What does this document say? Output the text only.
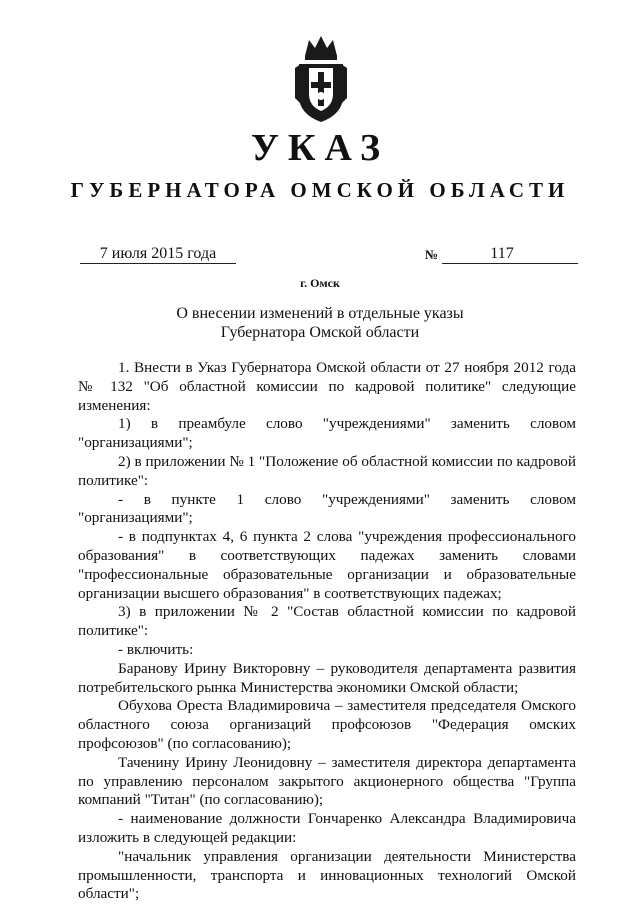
УКАЗ
ГУБЕРНАТОРА ОМСКОЙ ОБЛАСТИ
7 июля 2015 года	№	117
г. Омск
О внесении изменений в отдельные указы
Губернатора Омской области

1. Внести в Указ Губернатора Омской области от 27 ноября 2012 года № 132 "Об областной комиссии по кадровой политике" следующие изменения:

1) в преамбуле слово "учреждениями" заменить словом "организациями";

2) в приложении № 1 "Положение об областной комиссии по кадровой политике":

- в пункте 1 слово "учреждениями" заменить словом "организациями";

- в подпунктах 4, 6 пункта 2 слова "учреждения профессионального образования" в соответствующих падежах заменить словами "профессиональные образовательные организации и образовательные организации высшего образования" в соответствующих падежах;

3) в приложении № 2 "Состав областной комиссии по кадровой политике":

- включить:

Баранову Ирину Викторовну – руководителя департамента развития потребительского рынка Министерства экономики Омской области;

Обухова Ореста Владимировича – заместителя председателя Омского областного союза организаций профсоюзов "Федерация омских профсоюзов" (по согласованию);

Таченину Ирину Леонидовну – заместителя директора департамента по управлению персоналом закрытого акционерного общества "Группа компаний "Титан" (по согласованию);

- наименование должности Гончаренко Александра Владимировича изложить в следующей редакции:

"начальник управления организации деятельности Министерства промышленности, транспорта и инновационных технологий Омской области";
